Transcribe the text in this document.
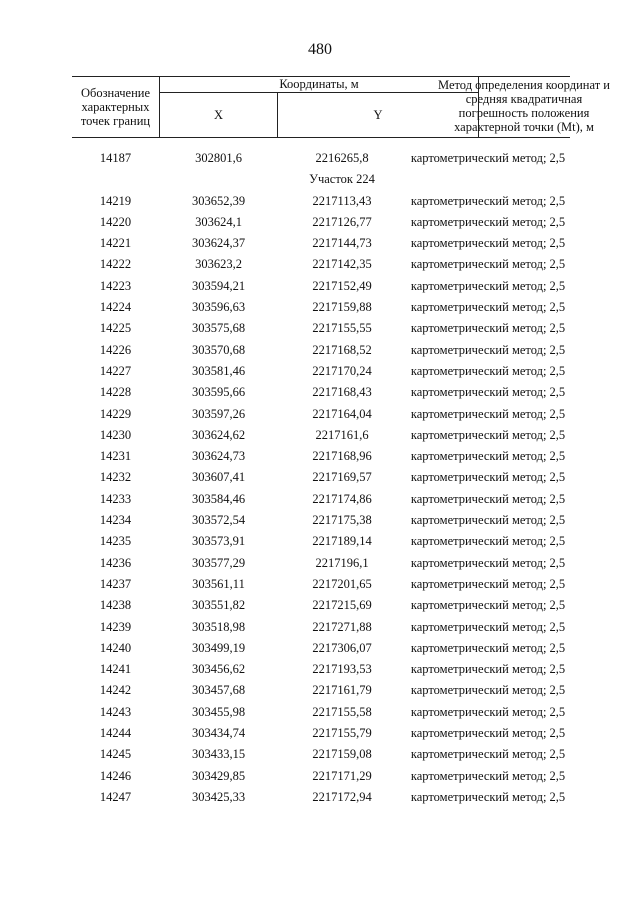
480
Обозначение характерных точек границ
Координаты, м
X	Y
Метод определения координат и средняя квадратичная погрешность положения характерной точки (Mt), м
14187	302801,6	2216265,8	картометрический метод; 2,5
Участок 224
14219	303652,39	2217113,43	картометрический метод; 2,5
14220	303624,1	2217126,77	картометрический метод; 2,5
14221	303624,37	2217144,73	картометрический метод; 2,5
14222	303623,2	2217142,35	картометрический метод; 2,5
14223	303594,21	2217152,49	картометрический метод; 2,5
14224	303596,63	2217159,88	картометрический метод; 2,5
14225	303575,68	2217155,55	картометрический метод; 2,5
14226	303570,68	2217168,52	картометрический метод; 2,5
14227	303581,46	2217170,24	картометрический метод; 2,5
14228	303595,66	2217168,43	картометрический метод; 2,5
14229	303597,26	2217164,04	картометрический метод; 2,5
14230	303624,62	2217161,6	картометрический метод; 2,5
14231	303624,73	2217168,96	картометрический метод; 2,5
14232	303607,41	2217169,57	картометрический метод; 2,5
14233	303584,46	2217174,86	картометрический метод; 2,5
14234	303572,54	2217175,38	картометрический метод; 2,5
14235	303573,91	2217189,14	картометрический метод; 2,5
14236	303577,29	2217196,1	картометрический метод; 2,5
14237	303561,11	2217201,65	картометрический метод; 2,5
14238	303551,82	2217215,69	картометрический метод; 2,5
14239	303518,98	2217271,88	картометрический метод; 2,5
14240	303499,19	2217306,07	картометрический метод; 2,5
14241	303456,62	2217193,53	картометрический метод; 2,5
14242	303457,68	2217161,79	картометрический метод; 2,5
14243	303455,98	2217155,58	картометрический метод; 2,5
14244	303434,74	2217155,79	картометрический метод; 2,5
14245	303433,15	2217159,08	картометрический метод; 2,5
14246	303429,85	2217171,29	картометрический метод; 2,5
14247	303425,33	2217172,94	картометрический метод; 2,5
